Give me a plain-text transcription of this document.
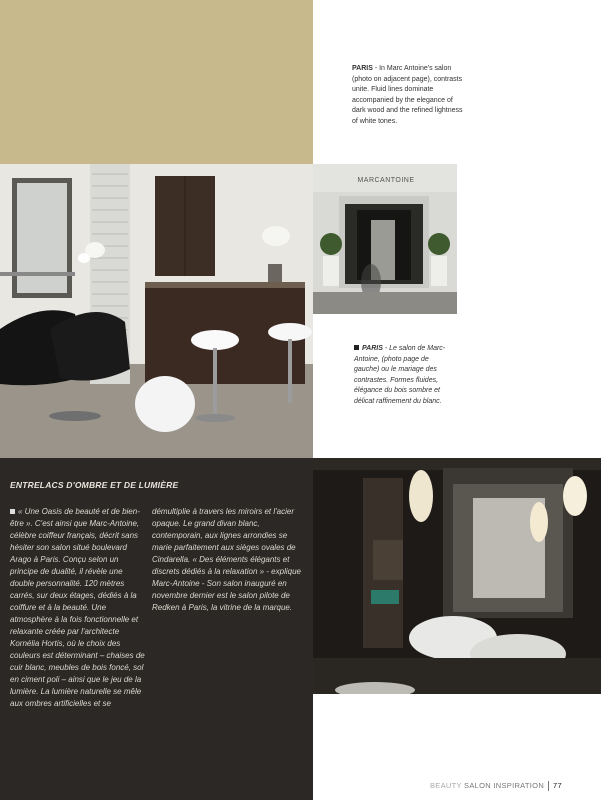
PARIS - In Marc Antoine's salon (photo on adjacent page), contrasts unite. Fluid lines dominate accompanied by the elegance of dark wood and the refined lightness of white tones.
MARCANTOINE
PARIS - Le salon de Marc-Antoine, (photo page de gauche) ou le mariage des contrastes. Formes fluides, élégance du bois sombre et délicat raffinement du blanc.
ENTRELACS D'OMBRE ET DE LUMIÈRE
« Une Oasis de beauté et de bien-être ». C'est ainsi que Marc-Antoine, célèbre coiffeur français, décrit sans hésiter son salon situé boulevard Arago à Paris. Conçu selon un principe de dualité, il révèle une double personnalité. 120 mètres carrés, sur deux étages, dédiés à la coiffure et à la beauté. Une atmosphère à la fois fonctionnelle et relaxante créée par l'architecte Kornélia Hortis, où le choix des couleurs est déterminant – chaises de cuir blanc, meubles de bois foncé, sol en ciment poli – ainsi que le jeu de la lumière. La lumière naturelle se mêle aux ombres artificielles et se
démultiplie à travers les miroirs et l'acier opaque. Le grand divan blanc, contemporain, aux lignes arrondies se marie parfaitement aux sièges ovales de Cindarella. « Des éléments élégants et discrets dédiés à la relaxation » - explique Marc-Antoine - Son salon inauguré en novembre dernier est le salon pilote de Redken à Paris, la vitrine de la marque.
BEAUTY SALON INSPIRATION 77
